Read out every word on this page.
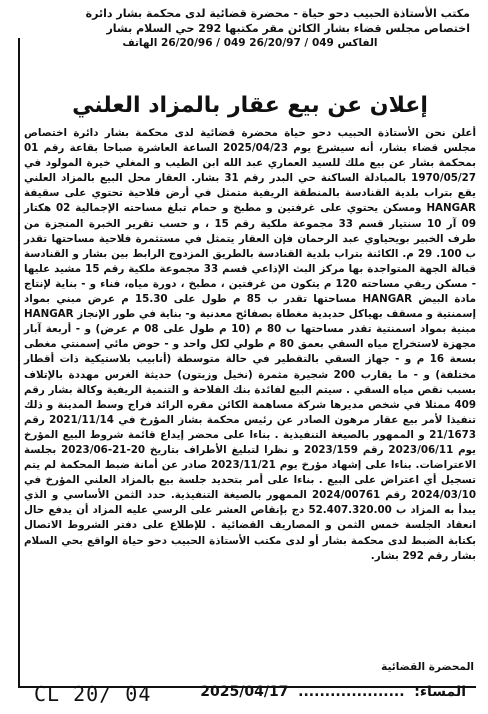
مكتب الأستاذة الحبيب دحو حياة - محضرة قضائية لدى محكمة بشار دائرة
اختصاص مجلس قضاء بشار الكائن مقر مكتبها 292 حي السلام بشار
الفاكس 049 / 26/20/97 049 / 26/20/96 الهاتف
إعلان عن بيع عقار بالمزاد العلني
أعلن نحن الأستاذة الحبيب دحو حياة محضرة قضائية لدى محكمة بشار دائرة اختصاص مجلس قضاء بشار، أنه سيشرع يوم 2025/04/23 الساعة العاشرة صباحا بقاعة رقم 01 بمحكمة بشار عن بيع ملك للسيد العماري عبد الله ابن الطيب و المغلي خيرة المولود في 1970/05/27 بالمبادلة الساكنة حي البدر رقم 31 بشار. العقار محل البيع بالمزاد العلني يقع بتراب بلدية القنادسة بالمنطقة الريفية متمثل في أرض فلاحية تحتوي على سقيفة HANGAR ومسكن يحتوي على غرفتين و مطبخ و حمام تبلغ مساحته الإجمالية 02 هكتار 09 آر 10 سنتيار قسم 33 مجموعة ملكية رقم 15 ، و حسب تقرير الخبرة المنجزة من طرف الخبير بويحياوي عبد الرحمان فإن العقار يتمثل في مستثمرة فلاحية مساحتها تقدر ب 100. 29 م. الكائنة بتراب بلدية القنادسة بالطريق المزدوج الرابط بين بشار و القنادسة قبالة الجهة المتواجدة بها مركز البث الإذاعي قسم 33 مجموعة ملكية رقم 15 مشيد عليها - مسكن ريفي مساحته 120 م يتكون من غرفتين ، مطبخ ، دورة مياه، فناء و - بناية لإنتاج مادة البيض HANGAR مساحتها تقدر ب 85 م طول على 15.30 م عرض مبني بمواد إسمنتية و مسقف بهياكل حديدية مغطاة بصفائح معدنية و- بناية في طور الإنجاز HANGAR مبنية بمواد اسمنتية تقدر مساحتها ب 80 م (10 م طول على 08 م عرض) و - أربعة آبار مجهزة لاستخراج مياه السقي بعمق 80 م طولي لكل واحد و - حوض مائي إسمنتي مغطى بسعة 16 م و - جهاز السقي بالتقطير في حالة متوسطة (أنابيب بلاستيكية ذات أقطار مختلفة) و - ما يقارب 200 شجيرة مثمرة (نخيل وزيتون) حديثة الغرس مهددة بالإتلاف بسبب نقص مياه السقي . سيتم البيع لفائدة بنك الفلاحة و التنمية الريفية وكالة بشار رقم 409 ممثلا في شخص مديرها شركة مساهمة الكائن مقره الرائد فراج وسط المدينة و ذلك تنفيذا لأمر بيع عقار مرهون الصادر عن رئيس محكمة بشار المؤرخ في 2021/11/14 رقم 21/1673 و الممهور بالصيغة التنفيذية . بناءا على محضر إيداع قائمة شروط البيع المؤرخ يوم 2023/06/11 رقم 2023/159 و نظرا لتبليغ الأطراف بتاريخ 20-21-2023/06 بجلسة الاعتراضات. بناءا على إشهاد مؤرخ يوم 2023/11/21 صادر عن أمانة ضبط المحكمة لم يتم تسجيل أي اعتراض على البيع . بناءا على أمر بتحديد جلسة بيع بالمزاد العلني المؤرخ في 2024/03/10 رقم 2024/00761 الممهور بالصيغة التنفيذية. حدد الثمن الأساسي و الذي يبدأ به المزاد ب 52.407.320.00 دج بإنقاص العشر على الرسي عليه المزاد أن يدفع حال انعقاد الجلسة خمس الثمن و المصاريف القضائية . للإطلاع على دفتر الشروط الاتصال بكتابة الضبط لدى محكمة بشار أو لدى مكتب الأستاذة الحبيب دحو حياة الواقع بحي السلام بشار رقم 292 بشار.
المحضرة القضائية
CL 20/ 04	المساء:  ....................  2025/04/17
